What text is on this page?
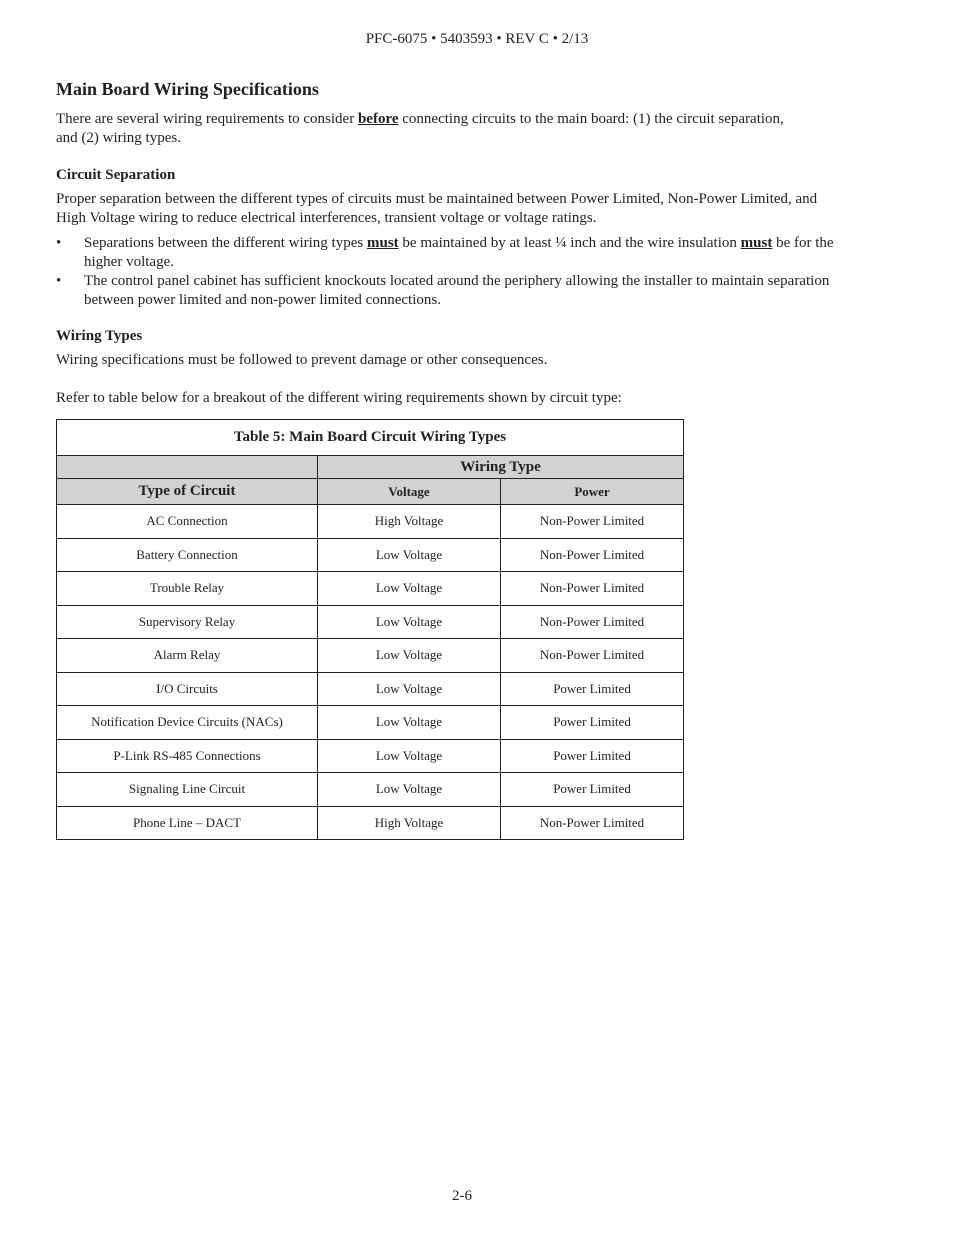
PFC-6075 • 5403593 • REV C • 2/13
Main Board Wiring Specifications

There are several wiring requirements to consider before connecting circuits to the main board: (1) the circuit separation,
and (2) wiring types.

Circuit Separation

Proper separation between the different types of circuits must be maintained between Power Limited, Non-Power Limited, and
High Voltage wiring to reduce electrical interferences, transient voltage or voltage ratings.

• Separations between the different wiring types must be maintained by at least ¼ inch and the wire insulation must be for the
higher voltage.
• The control panel cabinet has sufficient knockouts located around the periphery allowing the installer to maintain separation
between power limited and non-power limited connections.
Wiring Types

Wiring specifications must be followed to prevent damage or other consequences.

Refer to table below for a breakout of the different wiring requirements shown by circuit type:

Table 5: Main Board Circuit Wiring Types		
	Wiring Type	
Type of Circuit	Voltage	Power
AC Connection	High Voltage	Non-Power Limited
Battery Connection	Low Voltage	Non-Power Limited
Trouble Relay	Low Voltage	Non-Power Limited
Supervisory Relay	Low Voltage	Non-Power Limited
Alarm Relay	Low Voltage	Non-Power Limited
I/O Circuits	Low Voltage	Power Limited
Notification Device Circuits (NACs)	Low Voltage	Power Limited
P-Link RS-485 Connections	Low Voltage	Power Limited
Signaling Line Circuit	Low Voltage	Power Limited
Phone Line – DACT	High Voltage	Non-Power Limited
2-6
